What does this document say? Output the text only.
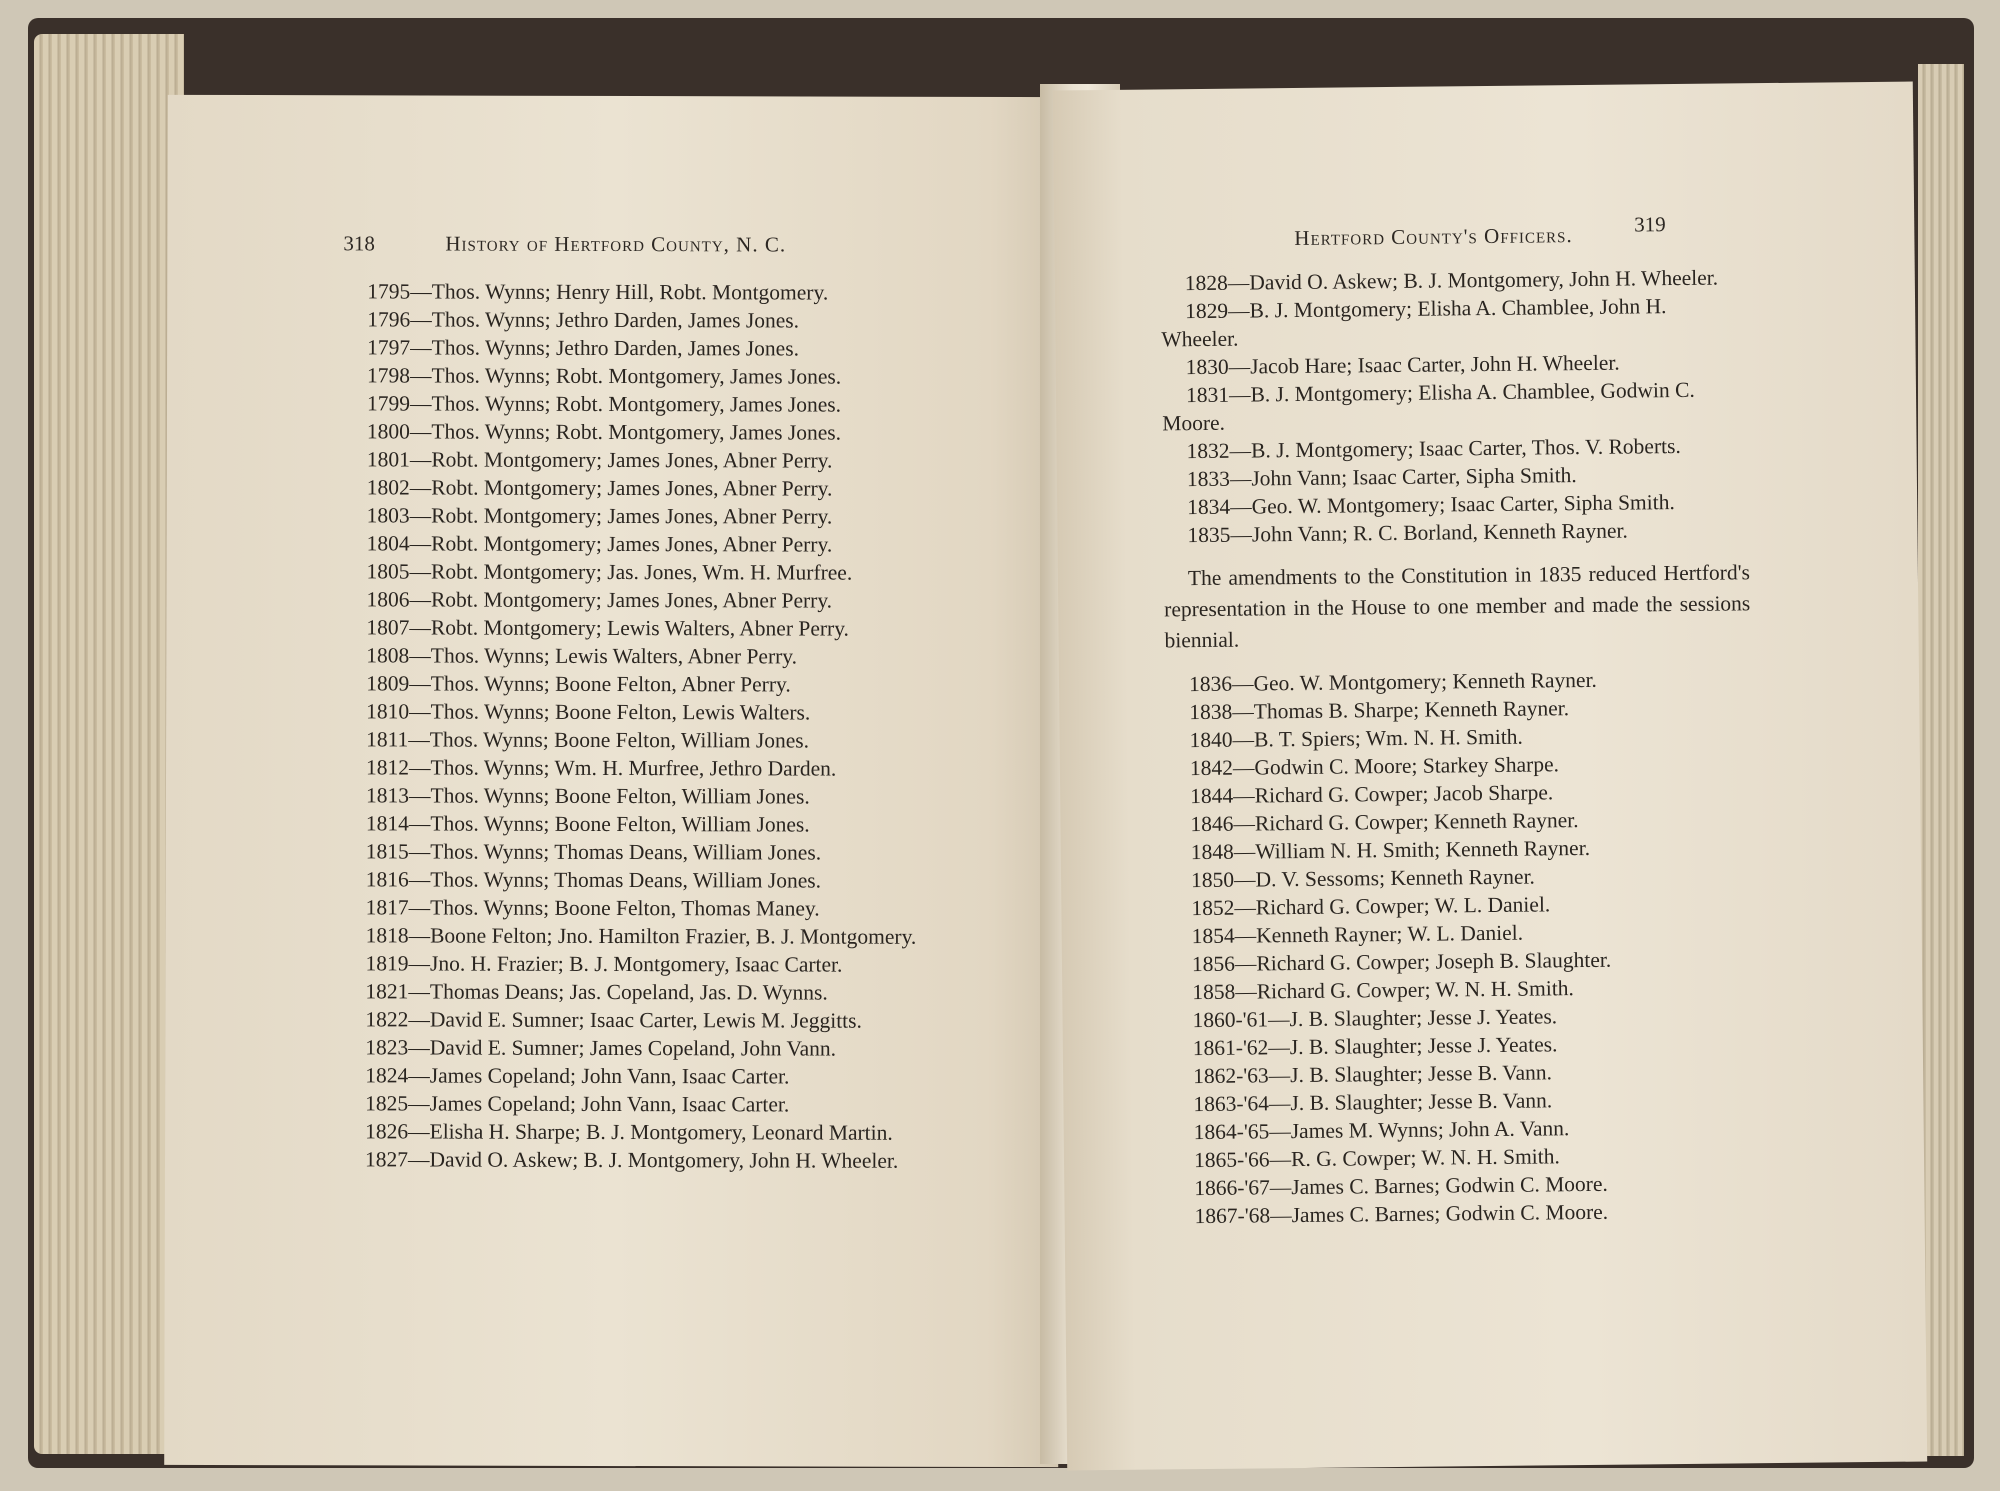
318	History of Hertford County, N. C.
1795—Thos. Wynns; Henry Hill, Robt. Montgomery.
1796—Thos. Wynns; Jethro Darden, James Jones.
1797—Thos. Wynns; Jethro Darden, James Jones.
1798—Thos. Wynns; Robt. Montgomery, James Jones.
1799—Thos. Wynns; Robt. Montgomery, James Jones.
1800—Thos. Wynns; Robt. Montgomery, James Jones.
1801—Robt. Montgomery; James Jones, Abner Perry.
1802—Robt. Montgomery; James Jones, Abner Perry.
1803—Robt. Montgomery; James Jones, Abner Perry.
1804—Robt. Montgomery; James Jones, Abner Perry.
1805—Robt. Montgomery; Jas. Jones, Wm. H. Murfree.
1806—Robt. Montgomery; James Jones, Abner Perry.
1807—Robt. Montgomery; Lewis Walters, Abner Perry.
1808—Thos. Wynns; Lewis Walters, Abner Perry.
1809—Thos. Wynns; Boone Felton, Abner Perry.
1810—Thos. Wynns; Boone Felton, Lewis Walters.
1811—Thos. Wynns; Boone Felton, William Jones.
1812—Thos. Wynns; Wm. H. Murfree, Jethro Darden.
1813—Thos. Wynns; Boone Felton, William Jones.
1814—Thos. Wynns; Boone Felton, William Jones.
1815—Thos. Wynns; Thomas Deans, William Jones.
1816—Thos. Wynns; Thomas Deans, William Jones.
1817—Thos. Wynns; Boone Felton, Thomas Maney.
1818—Boone Felton; Jno. Hamilton Frazier, B. J. Montgomery.
1819—Jno. H. Frazier; B. J. Montgomery, Isaac Carter.
1821—Thomas Deans; Jas. Copeland, Jas. D. Wynns.
1822—David E. Sumner; Isaac Carter, Lewis M. Jeggitts.
1823—David E. Sumner; James Copeland, John Vann.
1824—James Copeland; John Vann, Isaac Carter.
1825—James Copeland; John Vann, Isaac Carter.
1826—Elisha H. Sharpe; B. J. Montgomery, Leonard Martin.
1827—David O. Askew; B. J. Montgomery, John H. Wheeler.
Hertford County's Officers.	319
1828—David O. Askew; B. J. Montgomery, John H. Wheeler.
1829—B. J. Montgomery; Elisha A. Chamblee, John H. Wheeler.
1830—Jacob Hare; Isaac Carter, John H. Wheeler.
1831—B. J. Montgomery; Elisha A. Chamblee, Godwin C. Moore.
1832—B. J. Montgomery; Isaac Carter, Thos. V. Roberts.
1833—John Vann; Isaac Carter, Sipha Smith.
1834—Geo. W. Montgomery; Isaac Carter, Sipha Smith.
1835—John Vann; R. C. Borland, Kenneth Rayner.
The amendments to the Constitution in 1835 reduced Hertford's representation in the House to one member and made the sessions biennial.
1836—Geo. W. Montgomery; Kenneth Rayner.
1838—Thomas B. Sharpe; Kenneth Rayner.
1840—B. T. Spiers; Wm. N. H. Smith.
1842—Godwin C. Moore; Starkey Sharpe.
1844—Richard G. Cowper; Jacob Sharpe.
1846—Richard G. Cowper; Kenneth Rayner.
1848—William N. H. Smith; Kenneth Rayner.
1850—D. V. Sessoms; Kenneth Rayner.
1852—Richard G. Cowper; W. L. Daniel.
1854—Kenneth Rayner; W. L. Daniel.
1856—Richard G. Cowper; Joseph B. Slaughter.
1858—Richard G. Cowper; W. N. H. Smith.
1860-'61—J. B. Slaughter; Jesse J. Yeates.
1861-'62—J. B. Slaughter; Jesse J. Yeates.
1862-'63—J. B. Slaughter; Jesse B. Vann.
1863-'64—J. B. Slaughter; Jesse B. Vann.
1864-'65—James M. Wynns; John A. Vann.
1865-'66—R. G. Cowper; W. N. H. Smith.
1866-'67—James C. Barnes; Godwin C. Moore.
1867-'68—James C. Barnes; Godwin C. Moore.
